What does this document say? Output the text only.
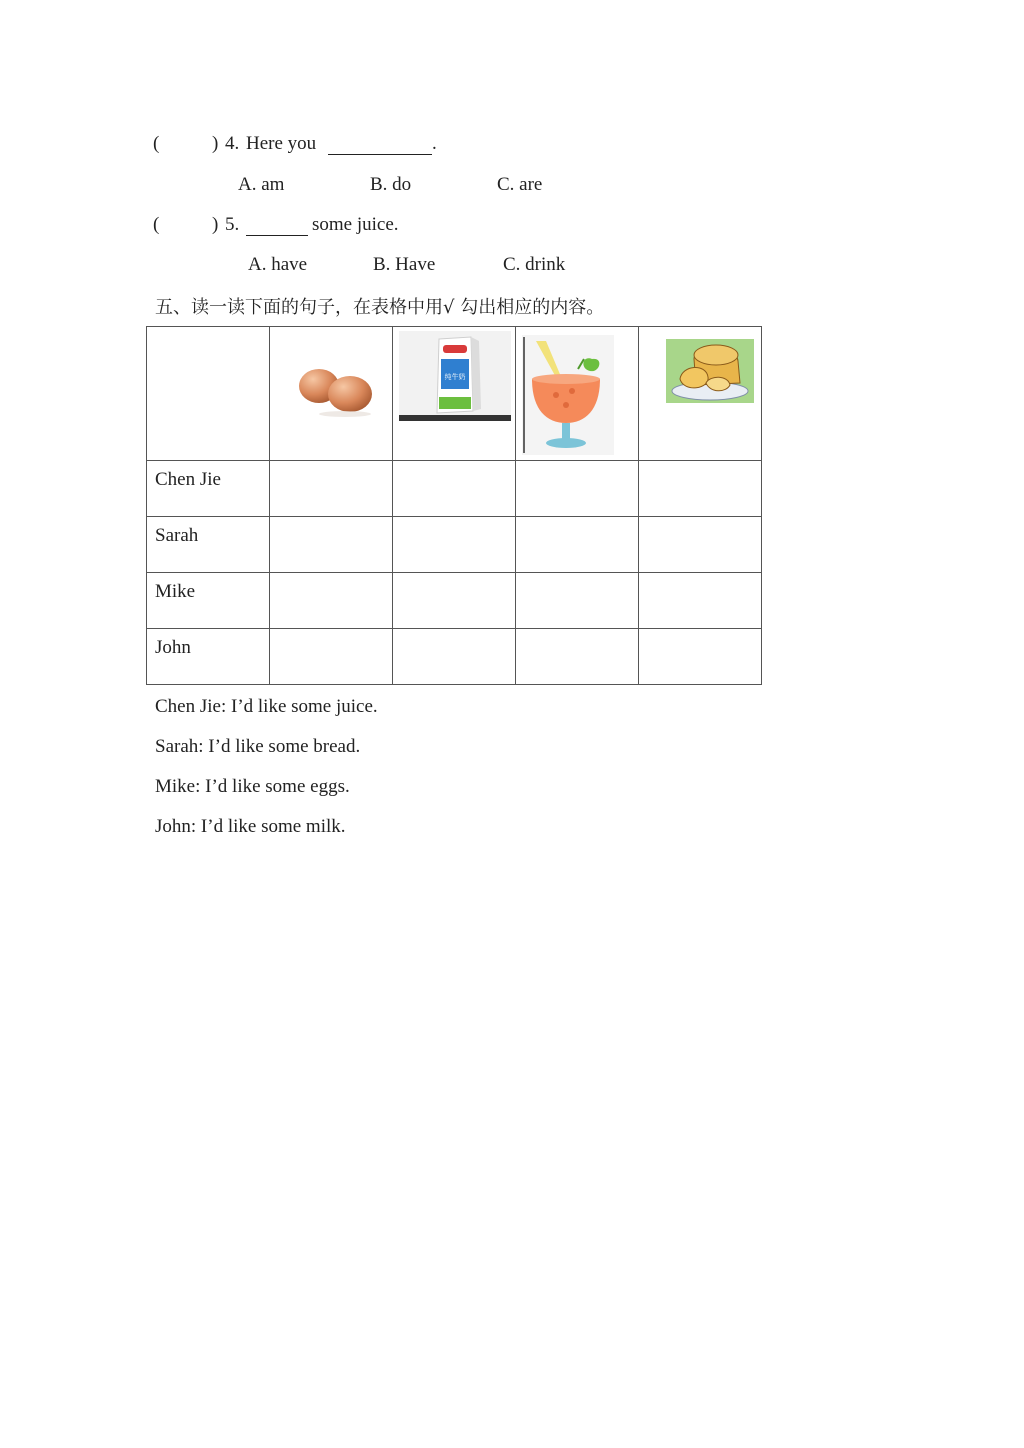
(	) 4. Here you	.
A. am	B. do	C. are
(	) 5.	some juice.
A. have	B. Have	C. drink
五、读一读下面的句子，在表格中用√ 勾出相应的内容。

纯牛奶

Chen Jie				
Sarah				
Mike				
John				
Chen Jie: I’d like some juice.
Sarah: I’d like some bread.
Mike: I’d like some eggs.
John: I’d like some milk.
